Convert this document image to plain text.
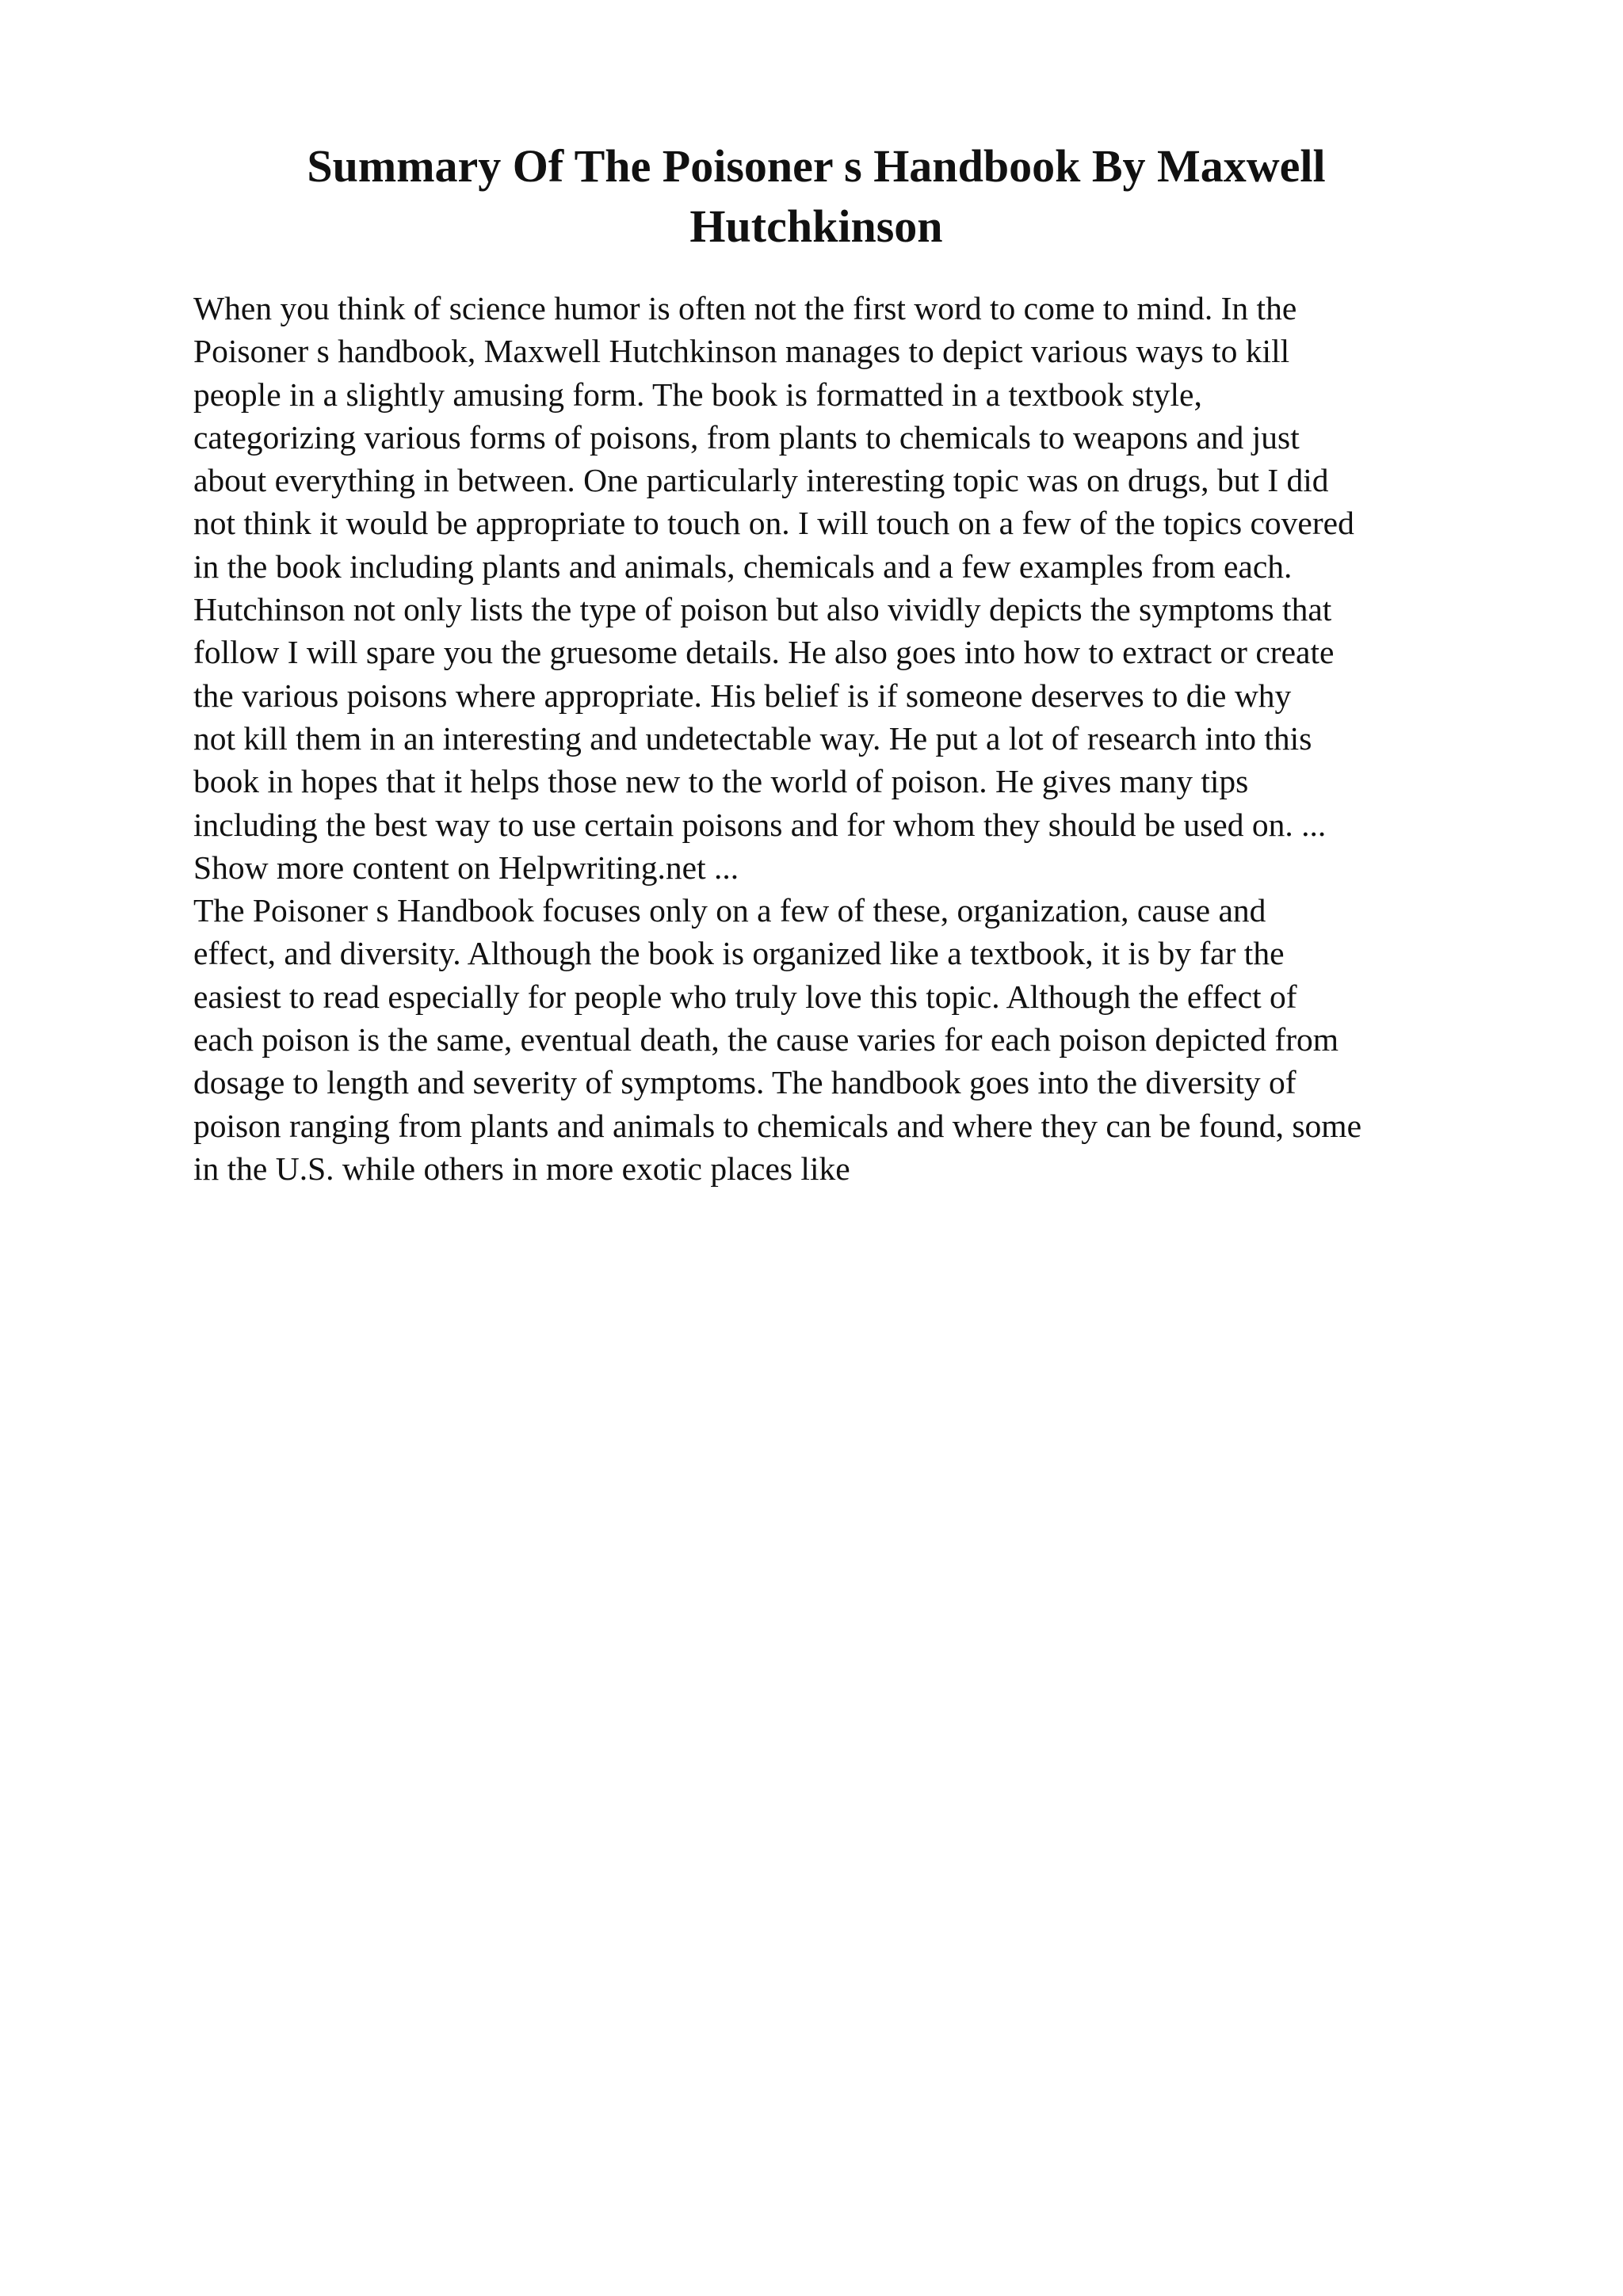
Summary Of The Poisoner s Handbook By Maxwell
Hutchkinson
When you think of science humor is often not the first word to come to mind. In the
Poisoner s handbook, Maxwell Hutchkinson manages to depict various ways to kill
people in a slightly amusing form. The book is formatted in a textbook style,
categorizing various forms of poisons, from plants to chemicals to weapons and just
about everything in between. One particularly interesting topic was on drugs, but I did
not think it would be appropriate to touch on. I will touch on a few of the topics covered
in the book including plants and animals, chemicals and a few examples from each.
Hutchinson not only lists the type of poison but also vividly depicts the symptoms that
follow I will spare you the gruesome details. He also goes into how to extract or create
the various poisons where appropriate. His belief is if someone deserves to die why
not kill them in an interesting and undetectable way. He put a lot of research into this
book in hopes that it helps those new to the world of poison. He gives many tips
including the best way to use certain poisons and for whom they should be used on. ...
Show more content on Helpwriting.net ...
The Poisoner s Handbook focuses only on a few of these, organization, cause and
effect, and diversity. Although the book is organized like a textbook, it is by far the
easiest to read especially for people who truly love this topic. Although the effect of
each poison is the same, eventual death, the cause varies for each poison depicted from
dosage to length and severity of symptoms. The handbook goes into the diversity of
poison ranging from plants and animals to chemicals and where they can be found, some
in the U.S. while others in more exotic places like
